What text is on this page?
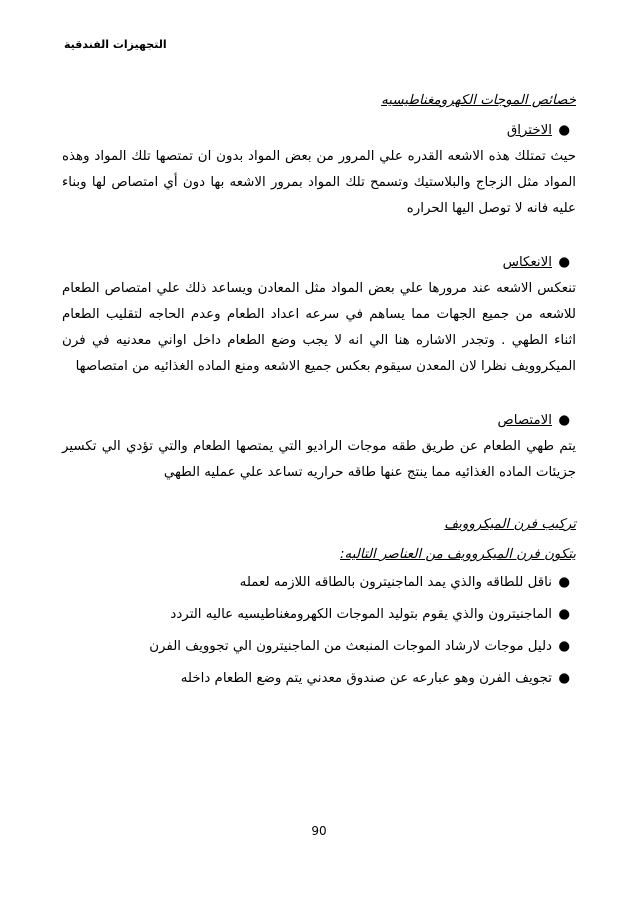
التجهيزات الفندقية
خصائص الموجات الكهرومغناطيسيه
●
الاختراق

حيث تمتلك هذه الاشعه القدره علي المرور من بعض المواد بدون ان تمتصها تلك المواد وهذه المواد مثل الزجاج والبلاستيك وتسمح تلك المواد بمرور الاشعه بها دون أي امتصاص لها وبناء عليه فانه لا توصل اليها الحراره

●
الانعكاس

تنعكس الاشعه عند مرورها علي بعض المواد مثل المعادن ويساعد ذلك علي امتصاص الطعام للاشعه من جميع الجهات مما يساهم في سرعه اعداد الطعام وعدم الحاجه لتقليب الطعام اثناء الطهي . وتجدر الاشاره هنا الي انه لا يجب وضع الطعام داخل اواني معدنيه في فرن الميكروويف نظرا لان المعدن سيقوم بعكس جميع الاشعه ومنع الماده الغذائيه من امتصاصها

●
الامتصاص

يتم طهي الطعام عن طريق طقه موجات الراديو التي يمتصها الطعام والتي تؤدي الي تكسير جزيئات الماده الغذائيه مما ينتج عنها طاقه حراريه تساعد علي عمليه الطهي

تركيب فرن الميكروويف
يتكون فرن الميكروويف من العناصر التاليه:
●
ناقل للطاقه والذي يمد الماجنيترون بالطاقه اللازمه لعمله
●
الماجنيترون والذي يقوم بتوليد الموجات الكهرومغناطيسيه عاليه التردد
●
دليل موجات لارشاد الموجات المنبعث من الماجنيترون الي تجوويف الفرن
●
تجويف الفرن وهو عبارعه عن صندوق معدني يتم وضع الطعام داخله
90
